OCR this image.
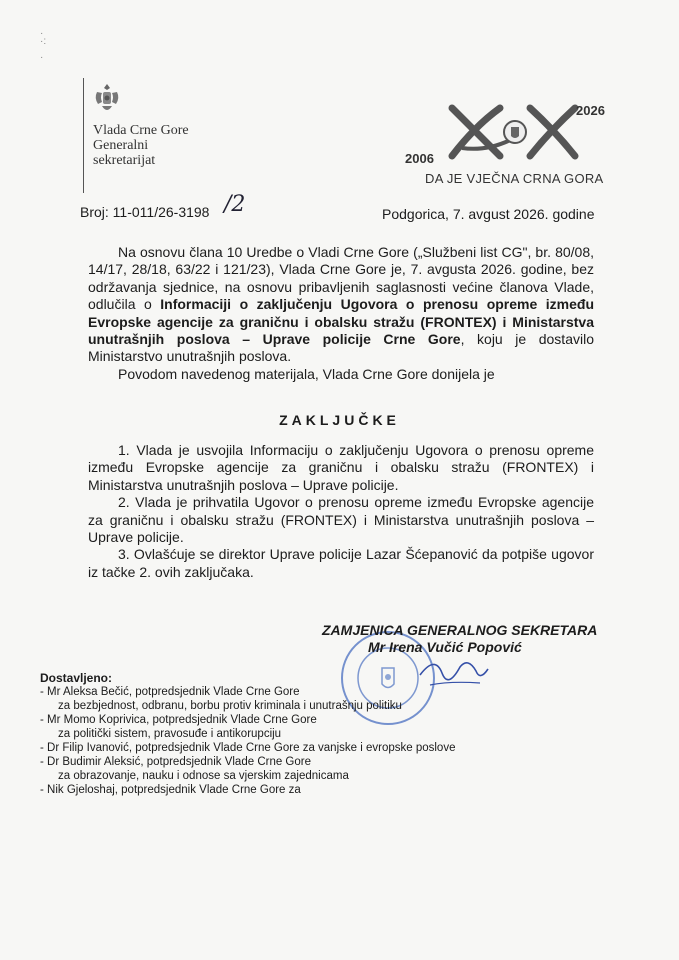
·
·:

·
Vlada Crne Gore
Generalni
sekretarijat	2006
2026
DA JE VJEČNA CRNA GORA
Broj: 11-011/26-3198 /2	Podgorica, 7. avgust 2026. godine

Na osnovu člana 10 Uredbe o Vladi Crne Gore („Službeni list CG", br. 80/08, 14/17, 28/18, 63/22 i 121/23), Vlada Crne Gore je, 7. avgusta 2026. godine, bez održavanja sjednice, na osnovu pribavljenih saglasnosti većine članova Vlade, odlučila o Informaciji o zaključenju Ugovora o prenosu opreme između Evropske agencije za graničnu i obalsku stražu (FRONTEX) i Ministarstva unutrašnjih poslova – Uprave policije Crne Gore, koju je dostavilo Ministarstvo unutrašnjih poslova.

Povodom navedenog materijala, Vlada Crne Gore donijela je

ZAKLJUČKE

1. Vlada je usvojila Informaciju o zaključenju Ugovora o prenosu opreme između Evropske agencije za graničnu i obalsku stražu (FRONTEX) i Ministarstva unutrašnjih poslova – Uprave policije.

2. Vlada je prihvatila Ugovor o prenosu opreme između Evropske agencije za graničnu i obalsku stražu (FRONTEX) i Ministarstva unutrašnjih poslova – Uprave policije.

3. Ovlašćuje se direktor Uprave policije Lazar Šćepanović da potpiše ugovor iz tačke 2. ovih zaključaka.

ZAMJENICA GENERALNOG SEKRETARA
Mr Irena Vučić Popović
Dostavljeno:
- Mr Aleksa Bečić, potpredsjednik Vlade Crne Gore
za bezbjednost, odbranu, borbu protiv kriminala i unutrašnju politiku
- Mr Momo Koprivica, potpredsjednik Vlade Crne Gore
za politički sistem, pravosuđe i antikorupciju
- Dr Filip Ivanović, potpredsjednik Vlade Crne Gore za vanjske i evropske poslove
- Dr Budimir Aleksić, potpredsjednik Vlade Crne Gore
za obrazovanje, nauku i odnose sa vjerskim zajednicama
- Nik Gjeloshaj, potpredsjednik Vlade Crne Gore za
